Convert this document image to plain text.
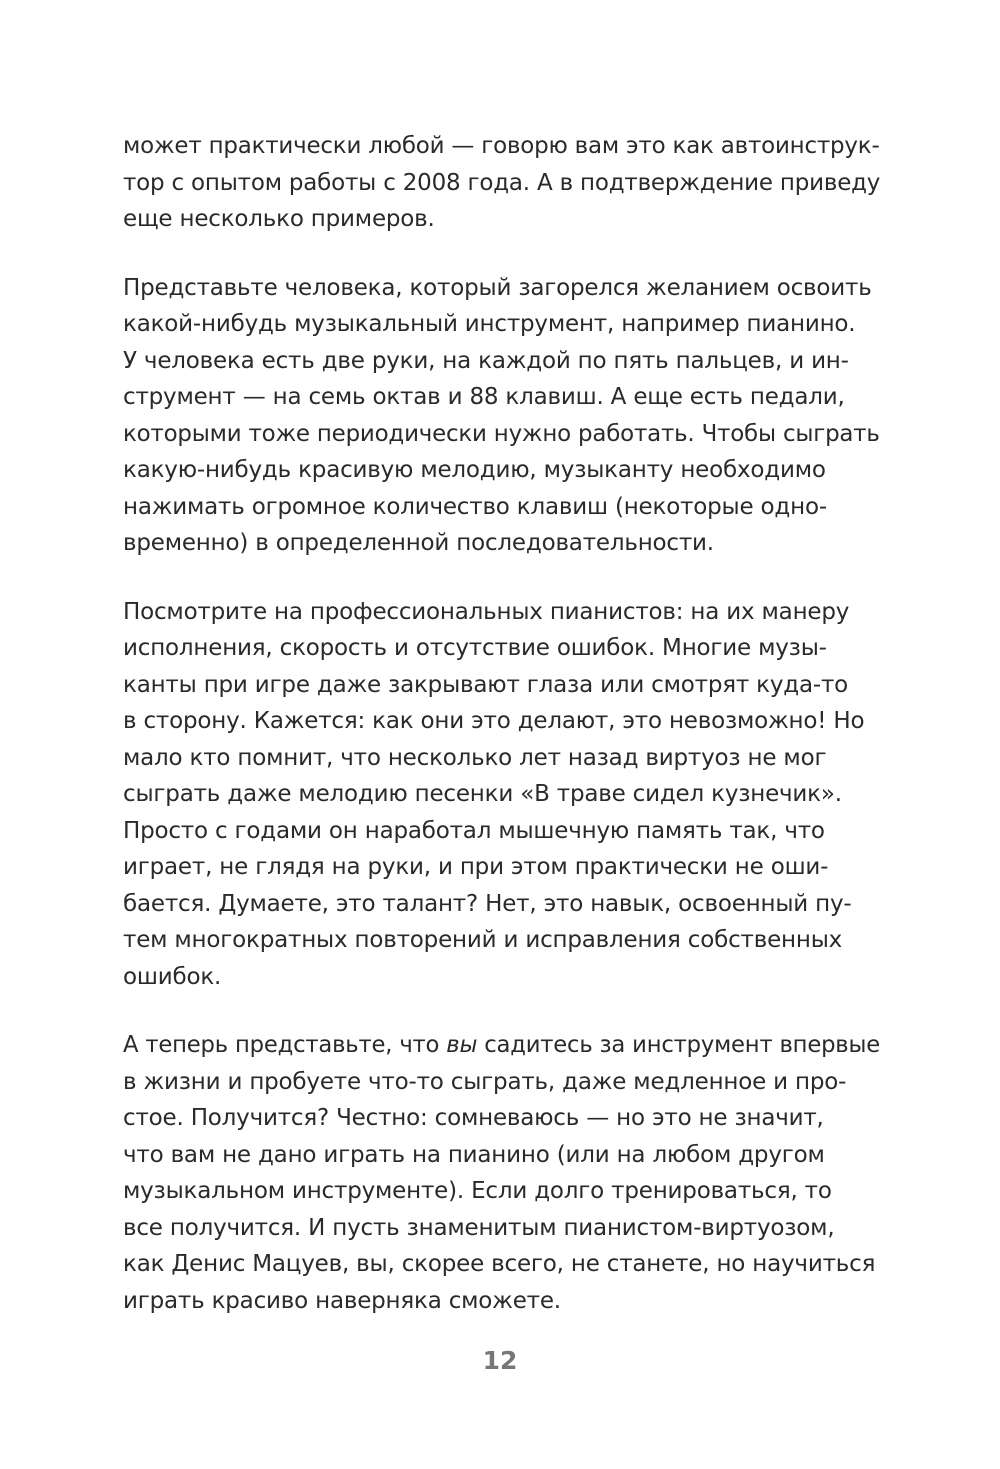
может практически любой — говорю вам это как автоинструк-
тор с опытом работы с 2008 года. А в подтверждение приведу
еще несколько примеров.
Представьте человека, который загорелся желанием освоить
какой-нибудь музыкальный инструмент, например пианино.
У человека есть две руки, на каждой по пять пальцев, и ин-
струмент — на семь октав и 88 клавиш. А еще есть педали,
которыми тоже периодически нужно работать. Чтобы сыграть
какую-нибудь красивую мелодию, музыканту необходимо
нажимать огромное количество клавиш (некоторые одно-
временно) в определенной последовательности.
Посмотрите на профессиональных пианистов: на их манеру
исполнения, скорость и отсутствие ошибок. Многие музы-
канты при игре даже закрывают глаза или смотрят куда-то
в сторону. Кажется: как они это делают, это невозможно! Но
мало кто помнит, что несколько лет назад виртуоз не мог
сыграть даже мелодию песенки «В траве сидел кузнечик».
Просто с годами он наработал мышечную память так, что
играет, не глядя на руки, и при этом практически не оши-
бается. Думаете, это талант? Нет, это навык, освоенный пу-
тем многократных повторений и исправления собственных
ошибок.
А теперь представьте, что вы садитесь за инструмент впервые
в жизни и пробуете что-то сыграть, даже медленное и про-
стое. Получится? Честно: сомневаюсь — но это не значит,
что вам не дано играть на пианино (или на любом другом
музыкальном инструменте). Если долго тренироваться, то
все получится. И пусть знаменитым пианистом-виртуозом,
как Денис Мацуев, вы, скорее всего, не станете, но научиться
играть красиво наверняка сможете.
12
